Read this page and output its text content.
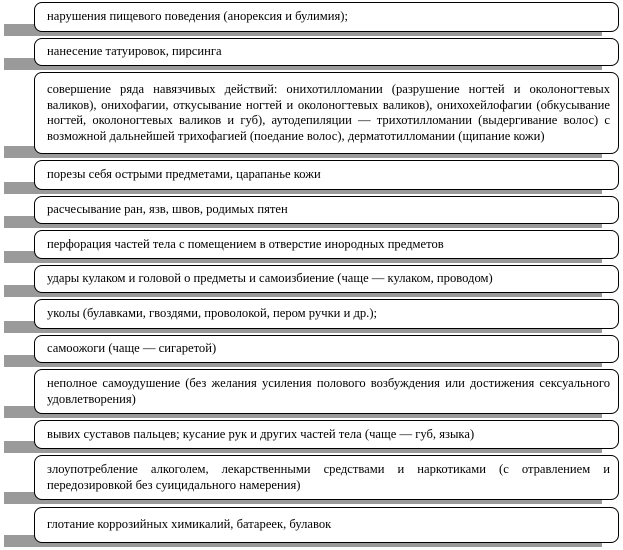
нарушения пищевого поведения (анорексия и булимия);
нанесение татуировок, пирсинга
совершение ряда навязчивых действий: онихотилломании (разрушение ногтей и околоногтевых валиков), онихофагии, откусывание ногтей и околоногтевых валиков), онихохейлофагии (обкусывание ногтей, околоногтевых валиков и губ), аутодепиляции — трихотилломании (выдергивание волос) с возможной дальнейшей трихофагией (поедание волос), дерматотилломании (щипание кожи)
порезы себя острыми предметами, царапанье кожи
расчесывание ран, язв, швов, родимых пятен
перфорация частей тела с помещением в отверстие инородных предметов
удары кулаком и головой о предметы и самоизбиение (чаще — кулаком, проводом)
уколы (булавками, гвоздями, проволокой, пером ручки и др.);
самоожоги (чаще — сигаретой)
неполное самоудушение (без желания усиления полового возбуждения или достижения сексуального удовлетворения)
вывих суставов пальцев; кусание рук и других частей тела (чаще — губ, языка)
злоупотребление алкоголем, лекарственными средствами и наркотиками (с отравлением и передозировкой без суицидального намерения)
глотание коррозийных химикалий, батареек, булавок
